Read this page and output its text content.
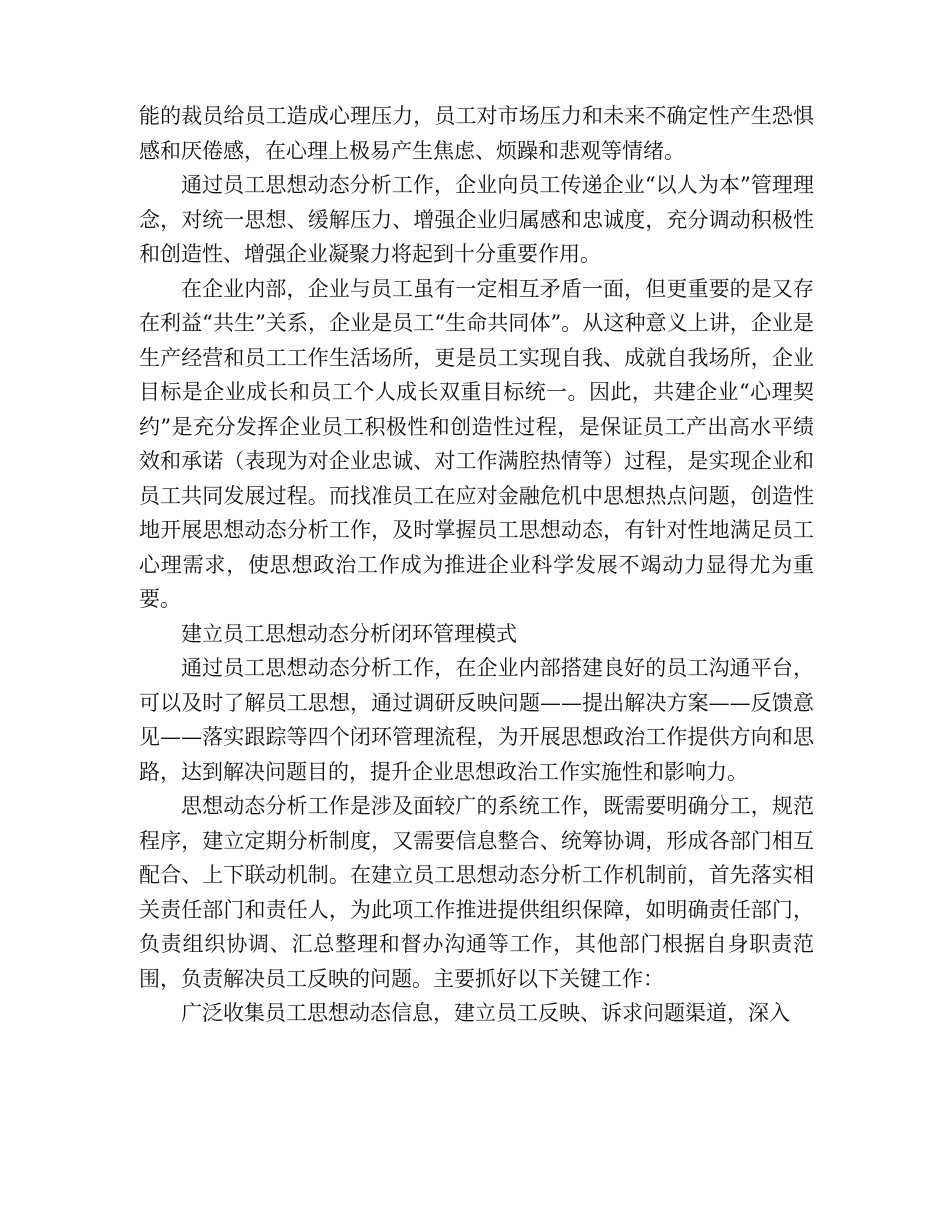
能的裁员给员工造成心理压力，员工对市场压力和未来不确定性产生恐惧感和厌倦感，在心理上极易产生焦虑、烦躁和悲观等情绪。

通过员工思想动态分析工作，企业向员工传递企业“以人为本”管理理念，对统一思想、缓解压力、增强企业归属感和忠诚度，充分调动积极性和创造性、增强企业凝聚力将起到十分重要作用。

在企业内部，企业与员工虽有一定相互矛盾一面，但更重要的是又存在利益“共生”关系，企业是员工“生命共同体”。从这种意义上讲，企业是生产经营和员工工作生活场所，更是员工实现自我、成就自我场所，企业目标是企业成长和员工个人成长双重目标统一。因此，共建企业“心理契约”是充分发挥企业员工积极性和创造性过程，是保证员工产出高水平绩效和承诺（表现为对企业忠诚、对工作满腔热情等）过程，是实现企业和员工共同发展过程。而找准员工在应对金融危机中思想热点问题，创造性地开展思想动态分析工作，及时掌握员工思想动态，有针对性地满足员工心理需求，使思想政治工作成为推进企业科学发展不竭动力显得尤为重要。

建立员工思想动态分析闭环管理模式

通过员工思想动态分析工作，在企业内部搭建良好的员工沟通平台，可以及时了解员工思想，通过调研反映问题——提出解决方案——反馈意见——落实跟踪等四个闭环管理流程，为开展思想政治工作提供方向和思路，达到解决问题目的，提升企业思想政治工作实施性和影响力。

思想动态分析工作是涉及面较广的系统工作，既需要明确分工，规范程序，建立定期分析制度，又需要信息整合、统筹协调，形成各部门相互配合、上下联动机制。在建立员工思想动态分析工作机制前，首先落实相关责任部门和责任人，为此项工作推进提供组织保障，如明确责任部门，负责组织协调、汇总整理和督办沟通等工作，其他部门根据自身职责范围，负责解决员工反映的问题。主要抓好以下关键工作：

广泛收集员工思想动态信息，建立员工反映、诉求问题渠道，深入
